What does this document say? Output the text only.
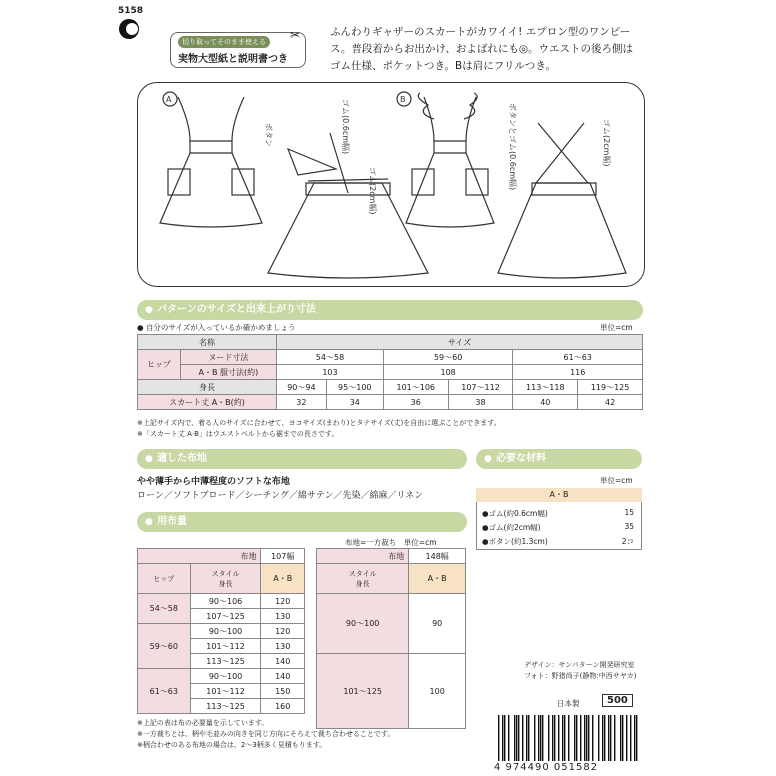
5158
切り取ってそのまま使える
実物大型紙と説明書つき
✂	ふんわりギャザーのスカートがカワイイ! エプロン型のワンピース。普段着からお出かけ、およばれにも◎。ウエストの後ろ側はゴム仕様、ポケットつき。Bは肩にフリルつき。
A	B
ボタン	ゴム(0.6cm幅)
ゴム(2cm幅)
ボタンとゴム(0.6cm幅)	ゴム(2cm幅)
● パターンのサイズと出来上がり寸法
● 自分のサイズが入っているか確かめましょう	単位=cm
名称		サイズ					
ヒップ	ヌード寸法	54〜58		59〜60		61〜63	
	A・B 服寸法(約)	103		108		116	
身長		90〜94	95〜100	101〜106	107〜112	113〜118	119〜125
スカート丈 A・B(約)		32	34	36	38	40	42
※上記サイズ内で、着る人のサイズに合わせて、ヨコサイズ(まわり)とタテサイズ(丈)を自由に選ぶことができます。
※「スカート丈 A·B」はウエストベルトから裾までの長さです。
● 適した布地
やや薄手から中薄程度のソフトな布地
ローン／ソフトブロード／シーチング／綿サテン／先染／綿麻／リネン
● 必要な材料
単位=cm
A・B
●ゴム(約0.6cm幅)	15
●ゴム(約2cm幅)	35
●ボタン(約1.3cm)	2コ
● 用布量
布地=一方裁ち　単位=cm
布地		107幅
ヒップ	スタイル
身長	A・B
54〜58	90〜106	120
	107〜125	130
59〜60	90〜100	120
	101〜112	130
	113〜125	140
61〜63	90〜100	140
	101〜112	150
	113〜125	160
布地	148幅
スタイル
身長	A・B
90〜100	90
101〜125	100
デザイン：サンパターン開発研究室
フォト：野猪尚子(静物:中西サヤカ)
日本製	500
※上記の表は布の必要量を示しています。
※一方裁ちとは、柄や毛並みの向きを同じ方向にそろえて裁ち合わせることです。
※柄合わせのある布地の場合は、2〜3柄多く見積もります。
4 974490 051582
